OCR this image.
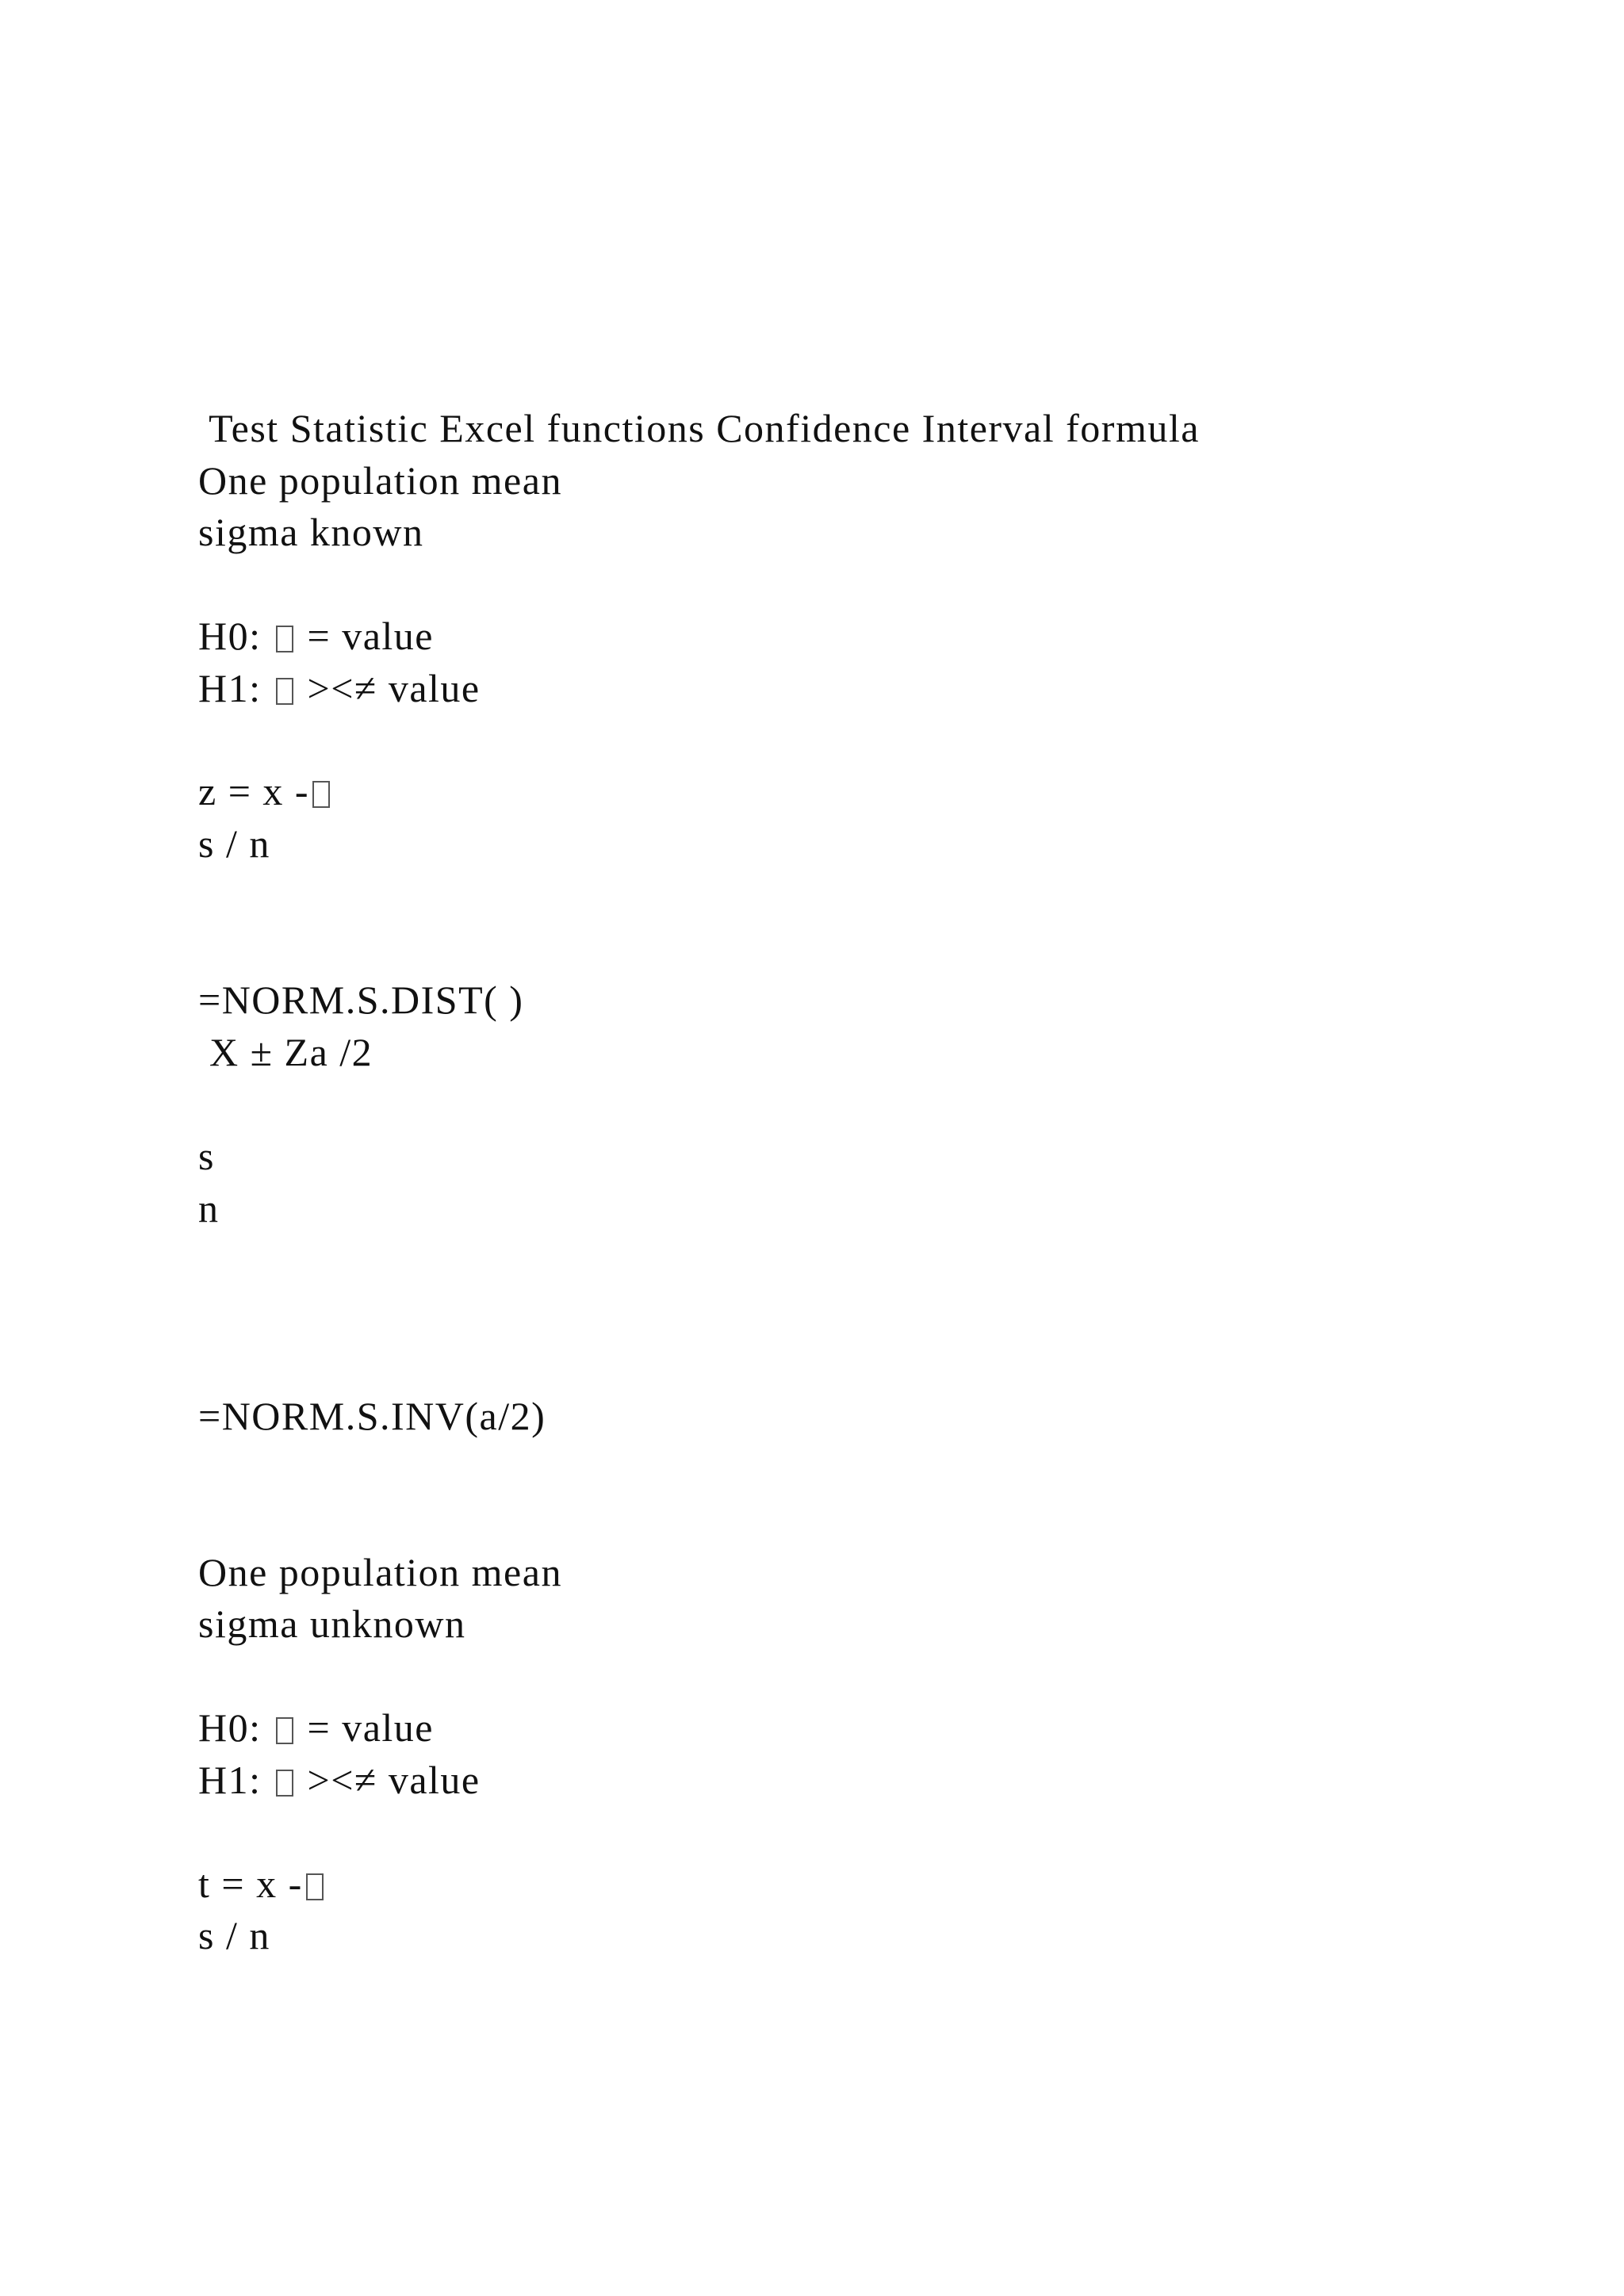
Test Statistic Excel functions Confidence Interval formula
One population mean
sigma known
H0:  = value
H1:  ><≠ value
z = x -
s / n
=NORM.S.DIST( )
X ± Za /2
s
n
=NORM.S.INV(a/2)
One population mean
sigma unknown
H0:  = value
H1:  ><≠ value
t = x -
s / n
